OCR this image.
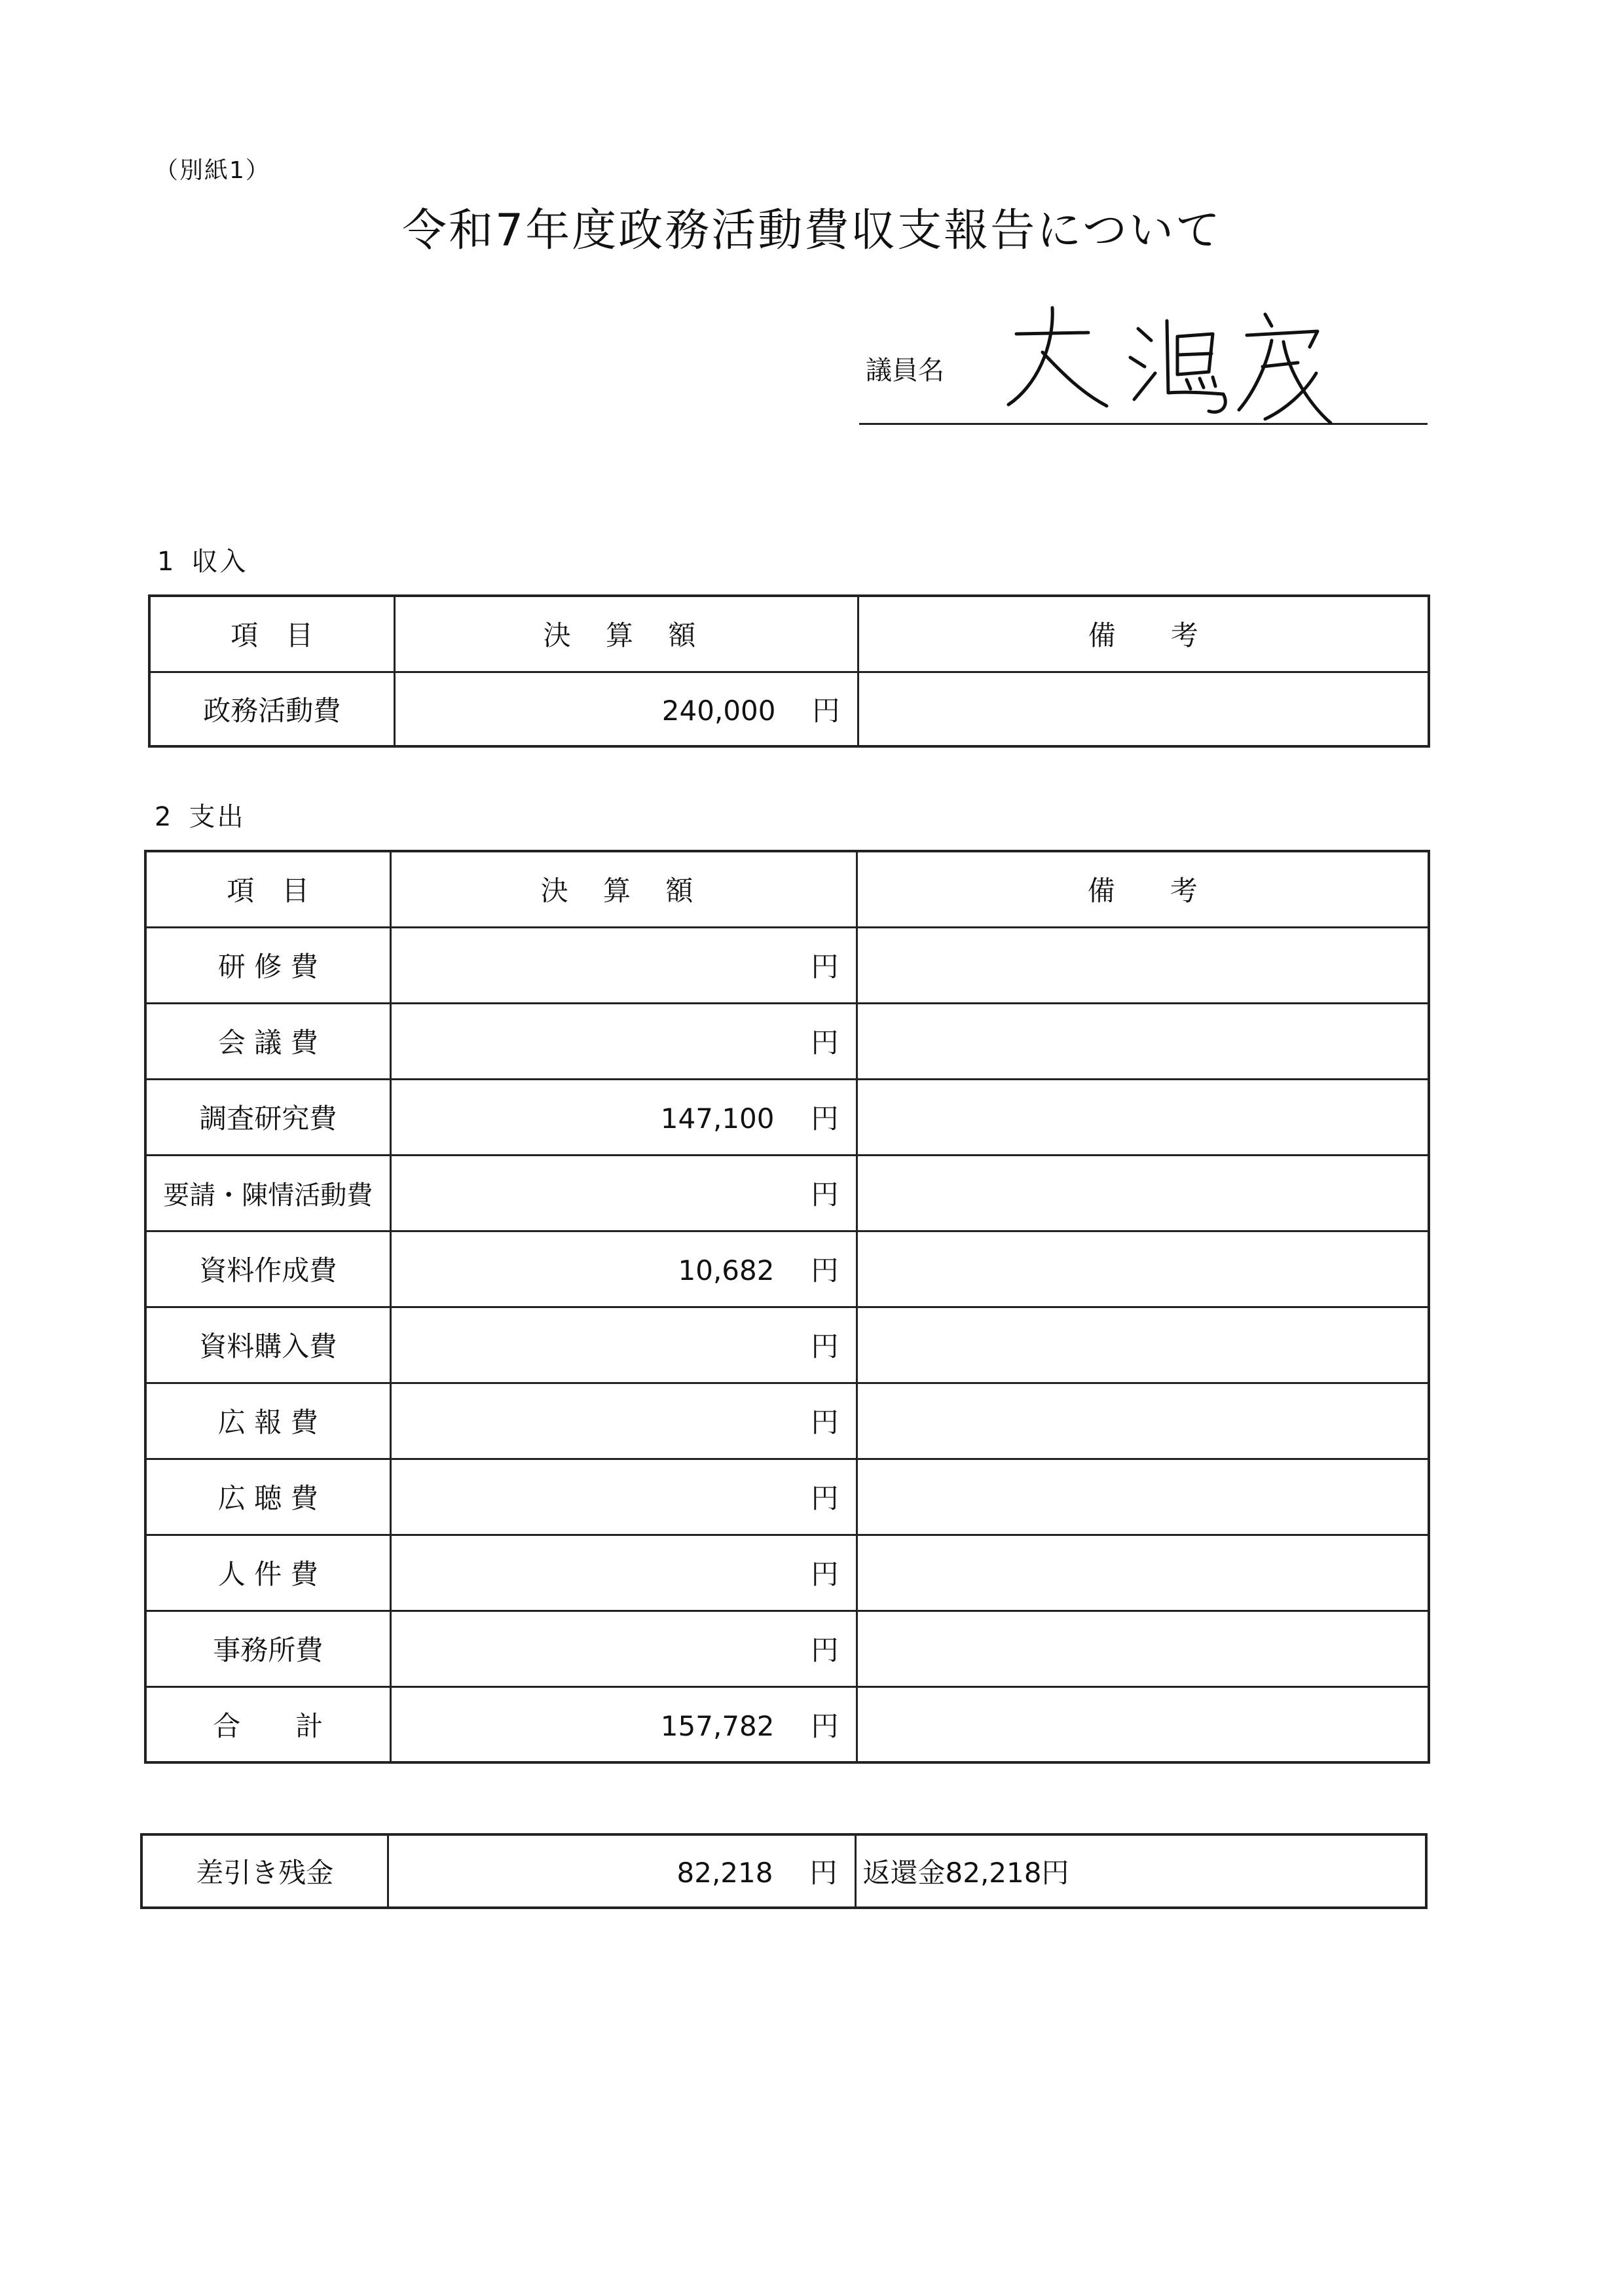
（別紙1）
令和7年度政務活動費収支報告について
議員名
1 収入
項　目	決 算 額	備　　考
政務活動費	240,000 円	
2 支出
項　目	決 算 額	備　　考
研 修 費	円	
会 議 費	円	
調査研究費	147,100 円	
要請・陳情活動費	円	
資料作成費	10,682 円	
資料購入費	円	
広 報 費	円	
広 聴 費	円	
人 件 費	円	
事務所費	円	
合　　計	157,782 円	
差引き残金	82,218 円	返還金82,218円
